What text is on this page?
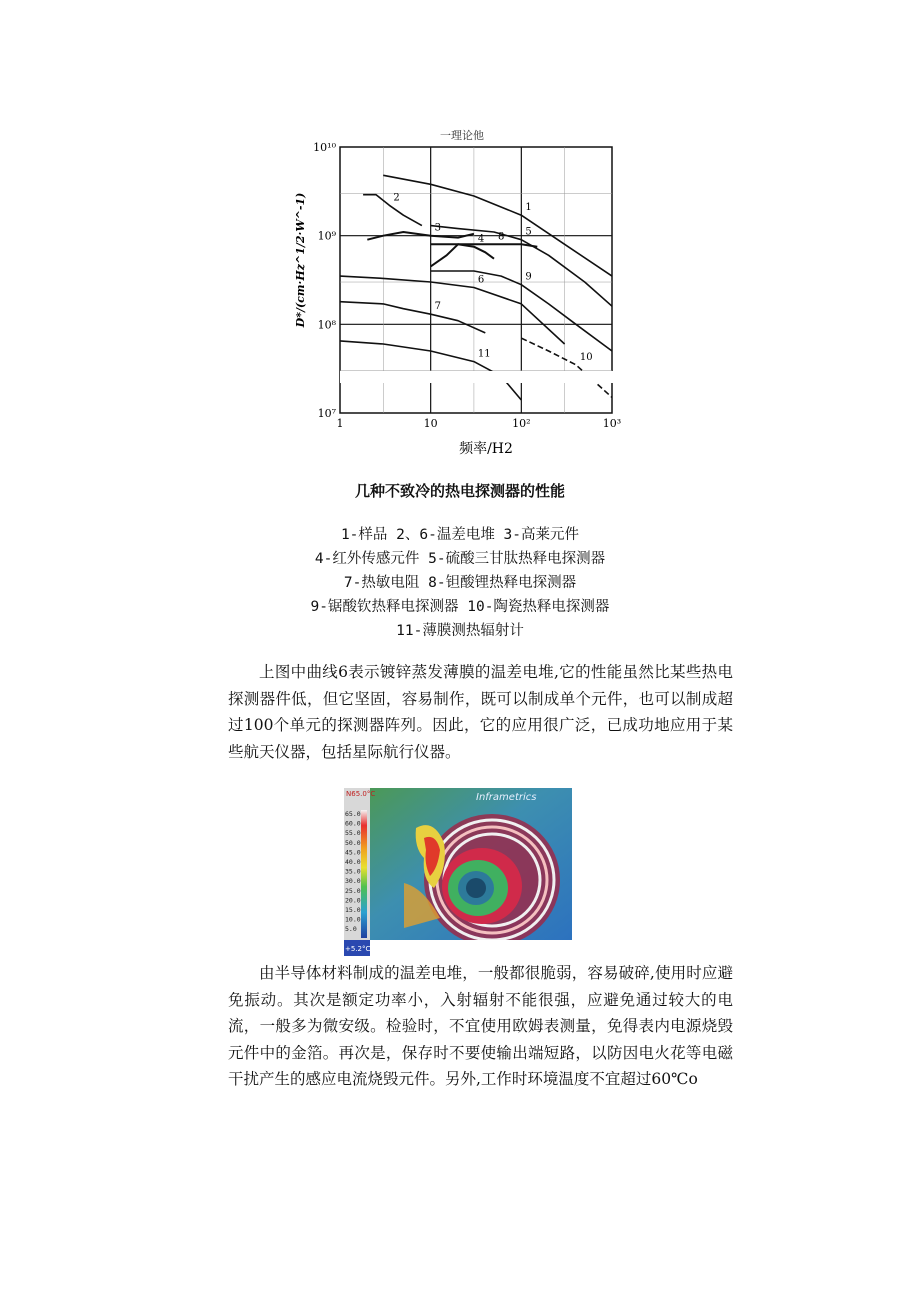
1	10	10²	10³
10¹⁰
10⁹
10⁸
10⁷
频率/H2
D*/(cm·Hz^1/2·W^-1)	1
2
3
4
5
6
7
8
9
10
11
一理论他
几种不致冷的热电探测器的性能
1-样品 2、6-温差电堆 3-高莱元件
4-红外传感元件 5-硫酸三甘肽热释电探测器
7-热敏电阻 8-钽酸锂热释电探测器
9-锯酸钦热释电探测器 10-陶瓷热释电探测器
11-薄膜测热辐射计

上图中曲线6表示镀锌蒸发薄膜的温差电堆,它的性能虽然比某些热电探测器件低，但它坚固，容易制作，既可以制成单个元件，也可以制成超过100个单元的探测器阵列。因此，它的应用很广泛，已成功地应用于某些航天仪器，包括星际航行仪器。

65.0
60.0
55.0
50.0
45.0
40.0
35.0
30.0
25.0
20.0
15.0
10.0
5.0
N65.0°C	Inframetrics
+5.2°C

由半导体材料制成的温差电堆，一般都很脆弱，容易破碎,使用时应避免振动。其次是额定功率小，入射辐射不能很强，应避免通过较大的电流，一般多为微安级。检验时，不宜使用欧姆表测量，免得表内电源烧毁元件中的金箔。再次是，保存时不要使输出端短路，以防因电火花等电磁干扰产生的感应电流烧毁元件。另外,工作时环境温度不宜超过60℃o
